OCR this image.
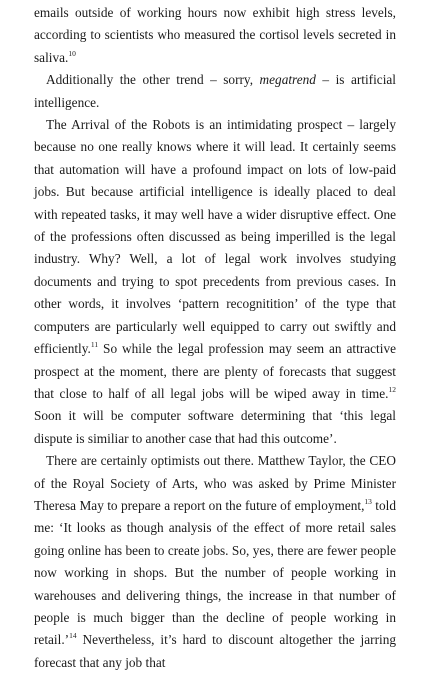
emails outside of working hours now exhibit high stress levels, according to scientists who measured the cortisol levels secreted in saliva.$^{10}$

Additionally the other trend – sorry, megatrend – is artificial intelligence.

The Arrival of the Robots is an intimidating prospect – largely because no one really knows where it will lead. It certainly seems that automation will have a profound impact on lots of low-paid jobs. But because artificial intelligence is ideally placed to deal with repeated tasks, it may well have a wider disruptive effect. One of the professions often discussed as being imperilled is the legal industry. Why? Well, a lot of legal work involves studying documents and trying to spot precedents from previous cases. In other words, it involves ‘pattern recognitition’ of the type that computers are particularly well equipped to carry out swiftly and efficiently.$^{11}$ So while the legal profession may seem an attractive prospect at the moment, there are plenty of forecasts that suggest that close to half of all legal jobs will be wiped away in time.$^{12}$ Soon it will be computer software determining that ‘this legal dispute is similiar to another case that had this outcome’.

There are certainly optimists out there. Matthew Taylor, the CEO of the Royal Society of Arts, who was asked by Prime Minister Theresa May to prepare a report on the future of employment,$^{13}$ told me: ‘It looks as though analysis of the effect of more retail sales going online has been to create jobs. So, yes, there are fewer people now working in shops. But the number of people working in warehouses and delivering things, the increase in that number of people is much bigger than the decline of people working in retail.’$^{14}$ Nevertheless, it’s hard to discount altogether the jarring forecast that any job that
